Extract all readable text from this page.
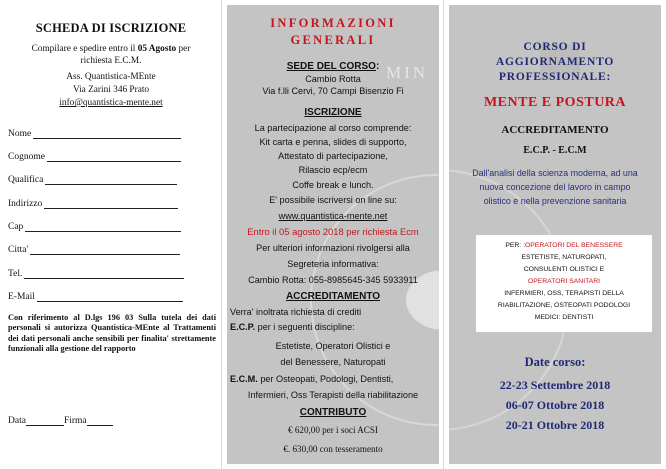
SCHEDA DI ISCRIZIONE
Compilare e spedire entro il 05 Agosto per
richiesta E.C.M.
Ass. Quantistica-MEnte
Via Zarini 346 Prato
info@quantistica-mente.net
Nome
Cognome
Qualifica
Indirizzo
Cap
Citta'
Tel.
E-Mail
Con riferimento al D.lgs 196 03 Sulla tutela dei dati personali si autorizza Quantistica-MEnte al Trattamenti dei dati personali anche sensibili per finalita' strettamente funzionali alla gestione del rapporto
Data	Firma
MIN
INFORMAZIONI
GENERALI
SEDE DEL CORSO:
Cambio Rotta
Via f.lli Cervi, 70 Campi Bisenzio Fi
ISCRIZIONE
La partecipazione al corso comprende:
Kit carta e penna, slides di supporto,
Attestato di partecipazione,
Rilascio ecp/ecm
Coffe break e lunch.
E' possibile iscriversi on line su:
www.quantistica-mente.net
Entro il 05 agosto 2018 per richiesta Ecm
Per ulteriori informazioni rivolgersi alla
Segreteria informativa:
Cambio Rotta: 055-8985645-345 5933911
ACCREDITAMENTO
Verra' inoltrata richiesta di crediti
E.C.P. per i seguenti discipline:
Estetiste, Operatori Olistici e
del Benessere, Naturopati
E.C.M. per Osteopati, Podologi, Dentisti,
Infermieri, Oss Terapisti della riabilitazione
CONTRIBUTO
€ 620,00 per i soci ACSI
€. 630,00 con tesseramento
CORSO DI
AGGIORNAMENTO
PROFESSIONALE:
MENTE E POSTURA
ACCREDITAMENTO
E.C.P. - E.C.M
Dall'analisi della scienza moderna, ad una
nuova concezione del lavoro in campo
olistico e nella prevenzione sanitaria
PER: :OPERATORI DEL BENESSERE
ESTETISTE, NATUROPATI,
CONSULENTI OLISTICI E
OPERATORI SANITARI
INFERMIERI, OSS, TERAPISTI DELLA
RIABILITAZIONE, OSTEOPATI PODOLOGI
MEDICI: DENTISTI
Date corso:
22-23 Settembre 2018
06-07 Ottobre 2018
20-21 Ottobre 2018
